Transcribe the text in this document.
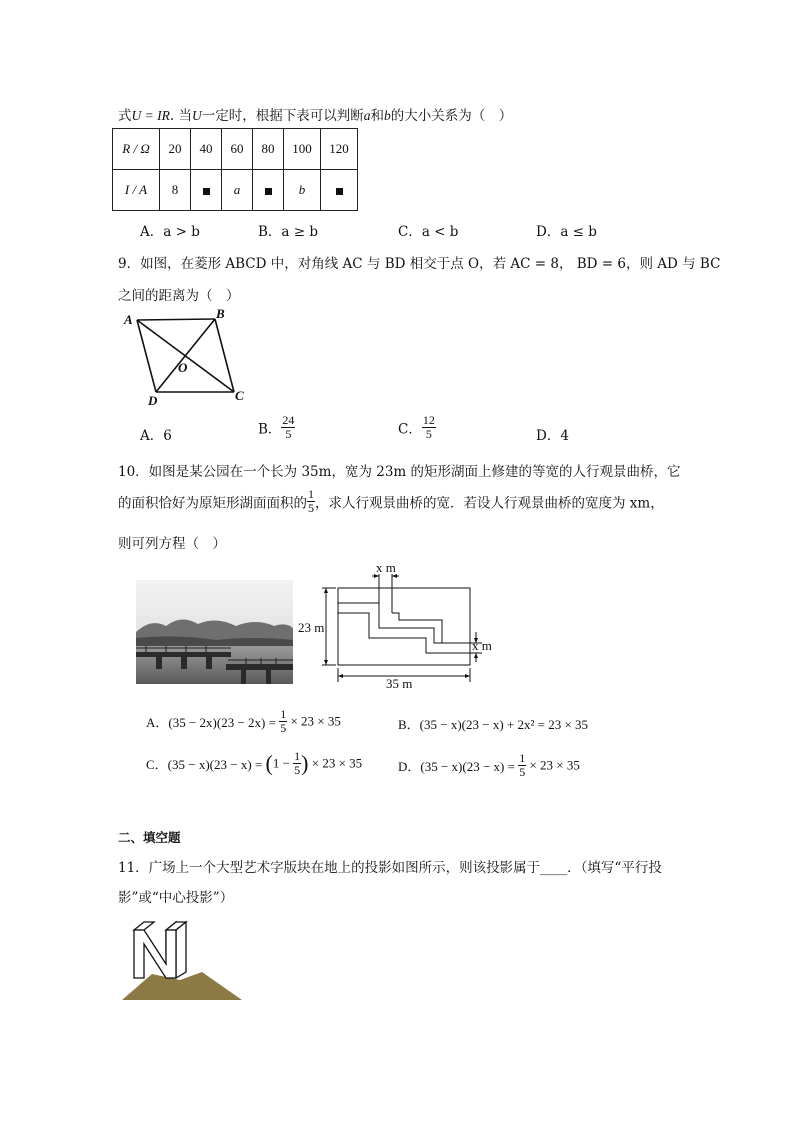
式U = IR. 当U一定时，根据下表可以判断a和b的大小关系为（　）
R / Ω	20	40	60	80	100	120
I / A	8		a		b	
A．a > b	B．a ≥ b	C．a < b	D．a ≤ b
9．如图，在菱形 ABCD 中，对角线 AC 与 BD 相交于点 O，若 AC = 8， BD = 6，则 AD 与 BC
之间的距离为（　）
A	B
C
D
O
A．6	B． $\frac{24}{5}$	C． $\frac{12}{5}$	D．4
10．如图是某公园在一个长为 35m，宽为 23m 的矩形湖面上修建的等宽的人行观景曲桥，它
的面积恰好为原矩形湖面面积的 $\frac{1}{5}$ ，求人行观景曲桥的宽．若设人行观景曲桥的宽度为 xm，
则可列方程（　）
x m
x m
23 m
35 m
A．$(35 - 2x)(23 - 2x) = \frac{1}{5} \times 23 \times 35$	B．(35 − x)(23 − x) + 2x² = 23 × 35
C．$(35 - x)(23 - x) = (1 - \frac{1}{5}$ ) × 23 × 35	D．$(35 - x)(23 - x) = \frac{1}{5} \times 23 \times 35$
二、填空题
11．广场上一个大型艺术字版块在地上的投影如图所示，则该投影属于____．（填写“平行投
影”或“中心投影”）
